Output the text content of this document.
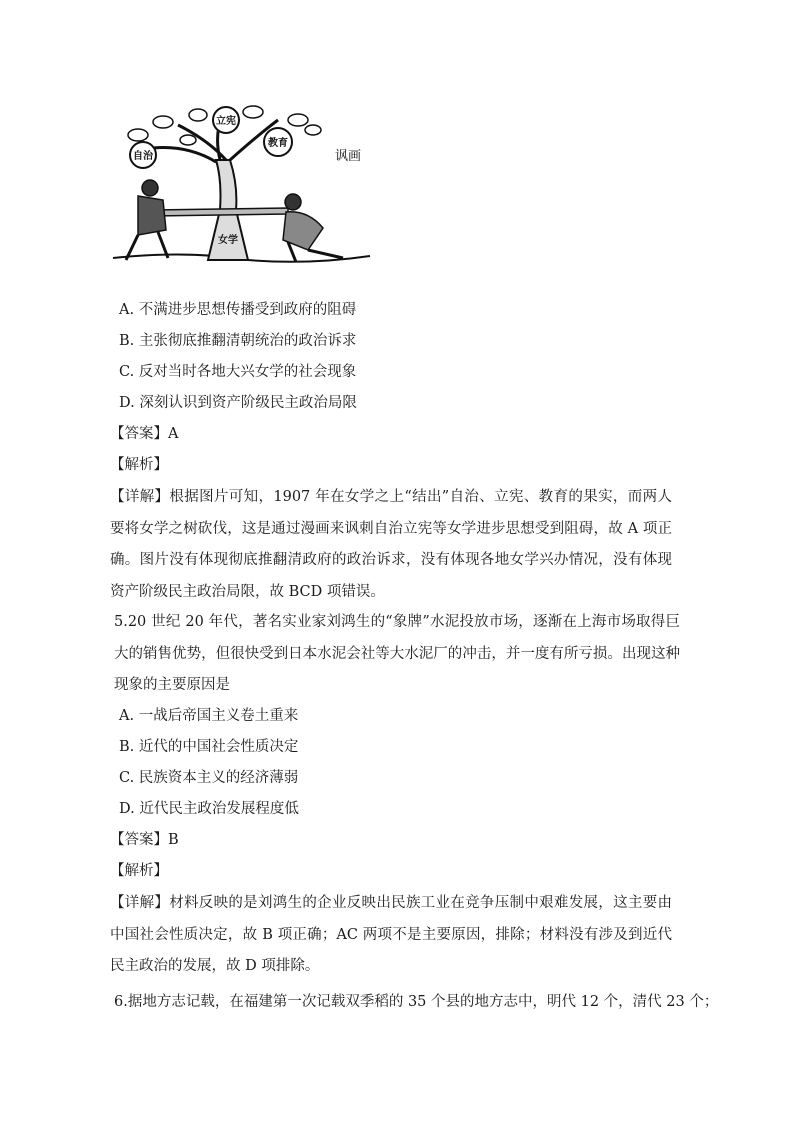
自治
立宪
教育
女学
讽画
A. 不满进步思想传播受到政府的阻碍
B. 主张彻底推翻清朝统治的政治诉求
C. 反对当时各地大兴女学的社会现象
D. 深刻认识到资产阶级民主政治局限
【答案】A
【解析】
【详解】根据图片可知，1907 年在女学之上“结出”自治、立宪、教育的果实，而两人要将女学之树砍伐，这是通过漫画来讽刺自治立宪等女学进步思想受到阻碍，故 A 项正确。图片没有体现彻底推翻清政府的政治诉求，没有体现各地女学兴办情况，没有体现资产阶级民主政治局限，故 BCD 项错误。
5.20 世纪 20 年代，著名实业家刘鸿生的“象牌”水泥投放市场，逐渐在上海市场取得巨大的销售优势，但很快受到日本水泥会社等大水泥厂的冲击，并一度有所亏损。出现这种现象的主要原因是
A. 一战后帝国主义卷土重来
B. 近代的中国社会性质决定
C. 民族资本主义的经济薄弱
D. 近代民主政治发展程度低
【答案】B
【解析】
【详解】材料反映的是刘鸿生的企业反映出民族工业在竞争压制中艰难发展，这主要由中国社会性质决定，故 B 项正确；AC 两项不是主要原因，排除；材料没有涉及到近代民主政治的发展，故 D 项排除。
6.据地方志记载，在福建第一次记载双季稻的 35 个县的地方志中，明代 12 个，清代 23 个；
